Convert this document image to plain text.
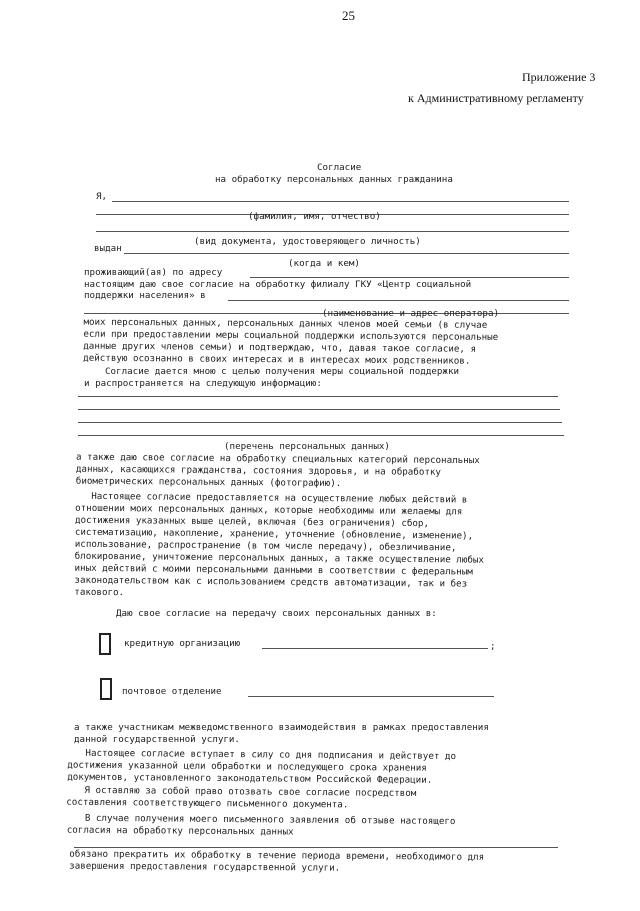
25
Приложение 3
к Административному регламенту
Согласие
на обработку персональных данных гражданина
Я,
(фамилия, имя, отчество)
(вид документа, удостоверяющего личность)
выдан
(когда и кем)
проживающий(ая) по адресу
настоящим даю свое согласие на обработку филиалу ГКУ «Центр социальной
поддержки населения» в
(наименование и адрес оператора)
моих персональных данных, персональных данных членов моей семьи (в случае
если при предоставлении меры социальной поддержки используются персональные
данные других членов семьи) и подтверждаю, что, давая такое согласие, я
действую осознанно в своих интересах и в интересах моих родственников.
Согласие дается мною с целью получения меры социальной поддержки
и распространяется на следующую информацию:
(перечень персональных данных)
а также даю свое согласие на обработку специальных категорий персональных
данных, касающихся гражданства, состояния здоровья, и на обработку
биометрических персональных данных (фотографию).
Настоящее согласие предоставляется на осуществление любых действий в
отношении моих персональных данных, которые необходимы или желаемы для
достижения указанных выше целей, включая (без ограничения) сбор,
систематизацию, накопление, хранение, уточнение (обновление, изменение),
использование, распространение (в том числе передачу), обезличивание,
блокирование, уничтожение персональных данных, а также осуществление любых
иных действий с моими персональными данными в соответствии с федеральным
законодательством как с использованием средств автоматизации, так и без
такового.
Даю свое согласие на передачу своих персональных данных в:
кредитную организацию	;
почтовое отделение
а также участникам межведомственного взаимодействия в рамках предоставления
данной государственной услуги.
Настоящее согласие вступает в силу со дня подписания и действует до
достижения указанной цели обработки и последующего срока хранения
документов, установленного законодательством Российской Федерации.
Я оставляю за собой право отозвать свое согласие посредством
составления соответствующего письменного документа.
В случае получения моего письменного заявления об отзыве настоящего
согласия на обработку персональных данных
обязано прекратить их обработку в течение периода времени, необходимого для
завершения предоставления государственной услуги.
